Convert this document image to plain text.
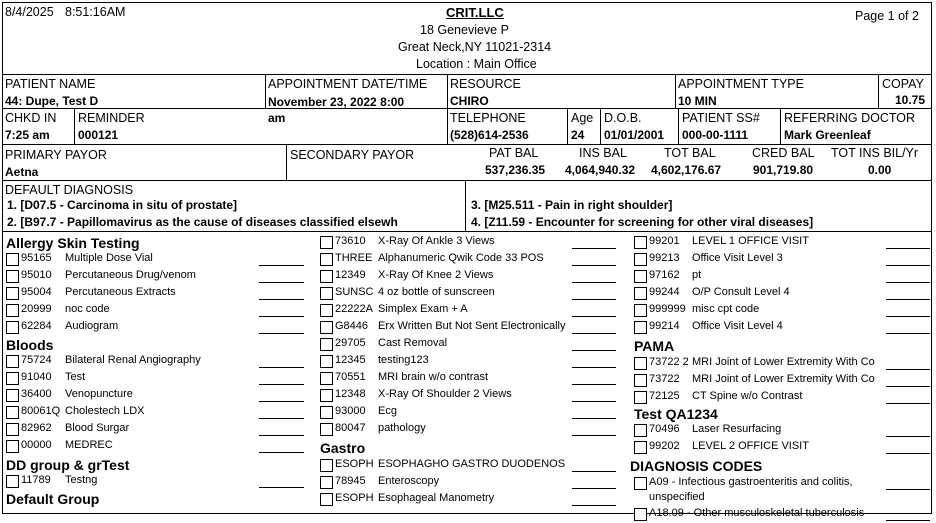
8/4/2025 8:51:16AM	CRIT.LLC
18 Genevieve P
Great Neck,NY 11021-2314
Location : Main Office
Page 1 of 2
PATIENT NAME
44: Dupe, Test D
APPOINTMENT DATE/TIME
November 23, 2022 8:00
am
RESOURCE
CHIRO
APPOINTMENT TYPE
10 MIN
COPAY
10.75
CHKD IN
7:25 am
REMINDER
000121
TELEPHONE
(528)614-2536
Age
24
D.O.B.
01/01/2001
PATIENT SS#
000-00-1111
REFERRING DOCTOR
Mark Greenleaf
PRIMARY PAYOR
Aetna
SECONDARY PAYOR	PAT BAL
537,236.35
INS BAL
4,064,940.32
TOT BAL
4,602,176.67
CRED BAL
901,719.80
TOT INS BIL/Yr
0.00
DEFAULT DIAGNOSIS
1. [D07.5 - Carcinoma in situ of prostate]
2. [B97.7 - Papillomavirus as the cause of diseases classified elsewh
3. [M25.511 - Pain in right shoulder]
4. [Z11.59 - Encounter for screening for other viral diseases]
Allergy Skin Testing
95165 Multiple Dose Vial
95010 Percutaneous Drug/venom
95004 Percutaneous Extracts
20999 noc code
62284 Audiogram
Bloods
75724 Bilateral Renal Angiography
91040 Test
36400 Venopuncture
80061Q Cholestech LDX
82962 Blood Surgar
00000 MEDREC
DD group & grTest
11789 Testng
Default Group
73610 X-Ray Of Ankle 3 Views
THREE Alphanumeric Qwik Code 33 POS
12349 X-Ray Of Knee 2 Views
SUNSC 4 oz bottle of sunscreen
22222A Simplex Exam + A
G8446 Erx Written But Not Sent Electronically
29705 Cast Removal
12345 testing123
70551 MRI brain w/o contrast
12348 X-Ray Of Shoulder 2 Views
93000 Ecg
80047 pathology
Gastro
ESOPH ESOPHAGHO GASTRO DUODENOS
78945 Enteroscopy
ESOPH Esophageal Manometry
99201 LEVEL 1 OFFICE VISIT
99213 Office Visit Level 3
97162 pt
99244 O/P Consult Level 4
999999 misc cpt code
99214 Office Visit Level 4
PAMA
73722 2 MRI Joint of Lower Extremity With Co
73722 MRI Joint of Lower Extremity With Co
72125 CT Spine w/o Contrast
Test QA1234
70496 Laser Resurfacing
99202 LEVEL 2 OFFICE VISIT
DIAGNOSIS CODES
A09 - Infectious gastroenteritis and colitis,
unspecified
A18.09 - Other musculoskeletal tuberculosis
